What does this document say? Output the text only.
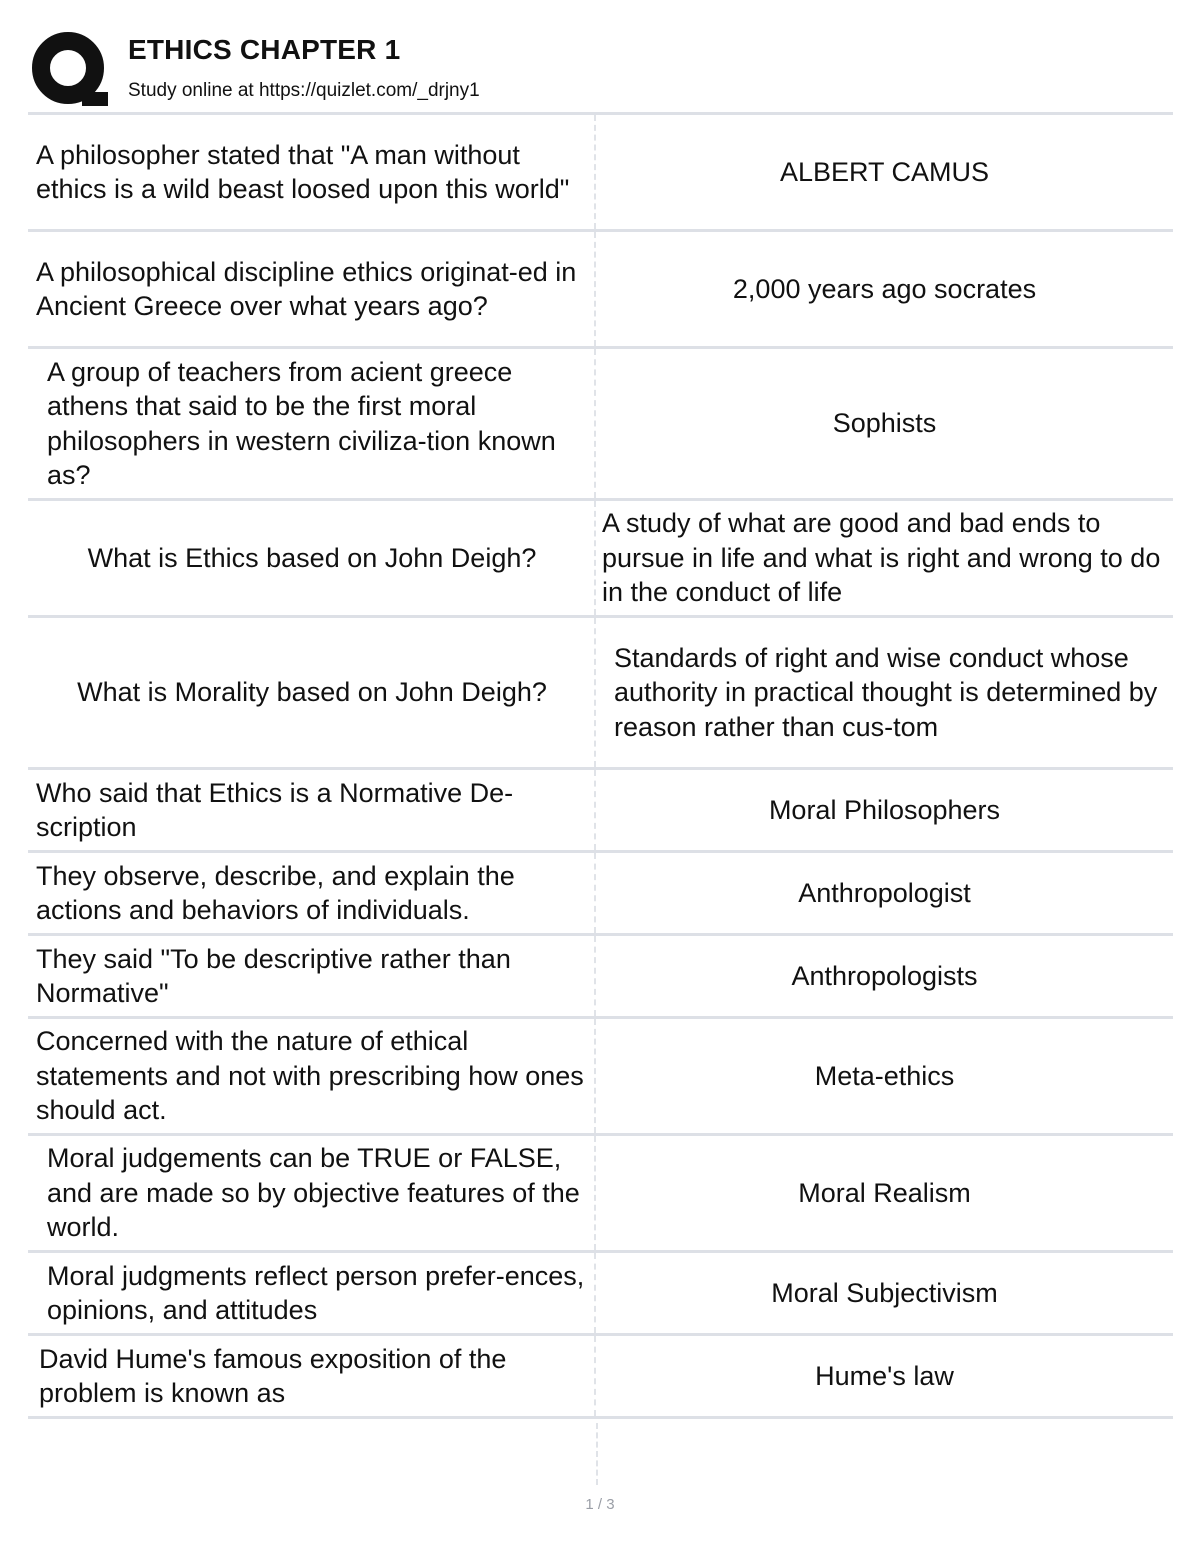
ETHICS CHAPTER 1
Study online at https://quizlet.com/_drjny1
A philosopher stated that "A man without ethics is a wild beast loosed upon this world"
ALBERT CAMUS
A philosophical discipline ethics originat-ed in Ancient Greece over what years ago?
2,000 years ago socrates
A group of teachers from acient greece athens that said to be the first moral philosophers in western civiliza-tion known as?
Sophists
What is Ethics based on John Deigh?
A study of what are good and bad ends to pursue in life and what is right and wrong to do in the conduct of life
What is Morality based on John Deigh?
Standards of right and wise conduct whose authority in practical thought is determined by reason rather than cus-tom
Who said that Ethics is a Normative De-scription
Moral Philosophers
They observe, describe, and explain the actions and behaviors of individuals.
Anthropologist
They said "To be descriptive rather than Normative"
Anthropologists
Concerned with the nature of ethical statements and not with prescribing how ones should act.
Meta-ethics
Moral judgements can be TRUE or FALSE, and are made so by objective features of the world.
Moral Realism
Moral judgments reflect person prefer-ences, opinions, and attitudes
Moral Subjectivism
David Hume's famous exposition of the problem is known as
Hume's law
1 / 3
